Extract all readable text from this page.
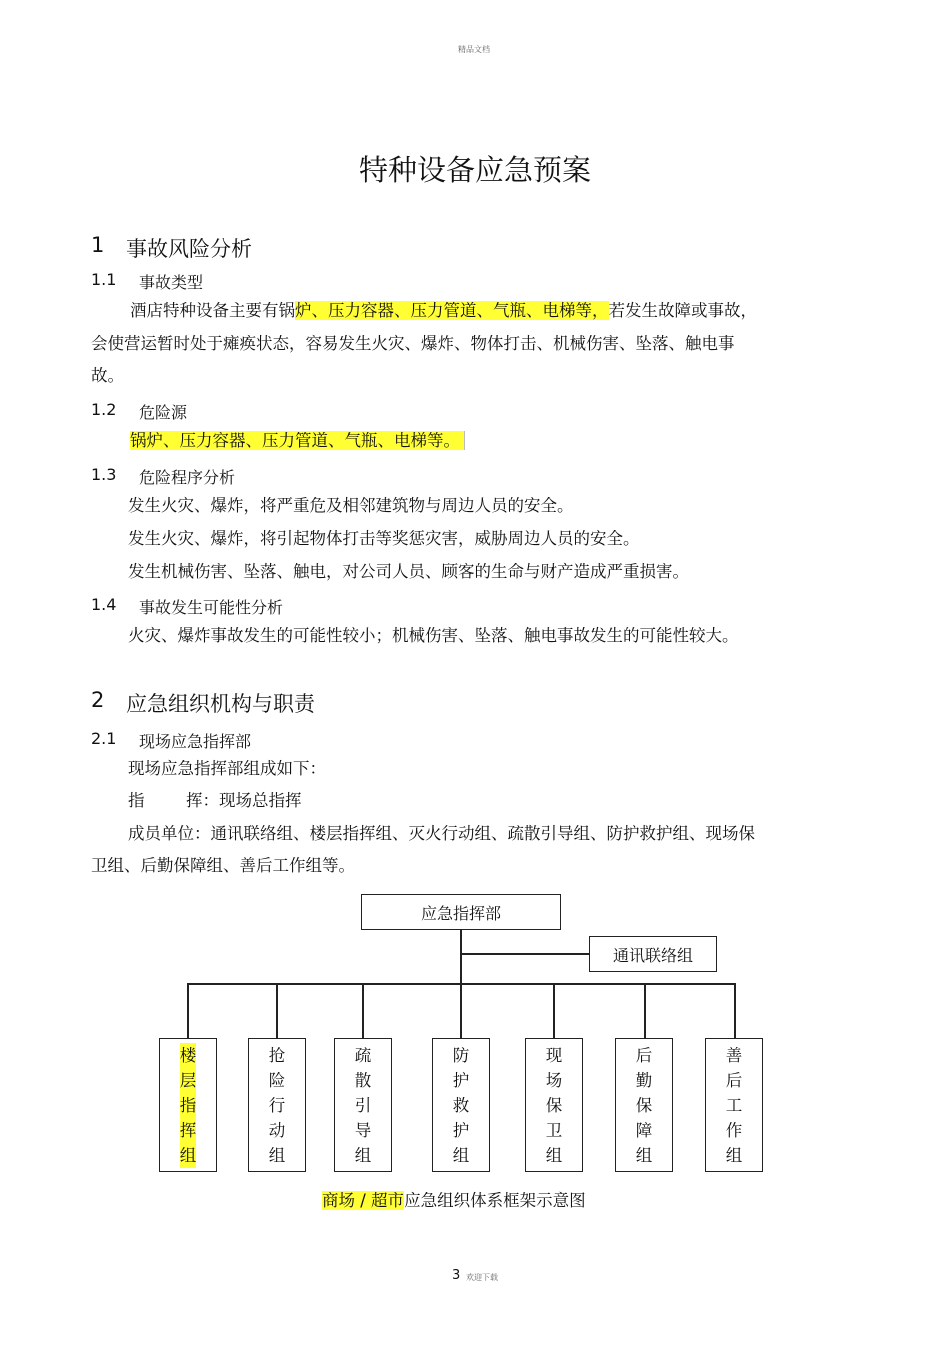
精品文档
特种设备应急预案
1 事故风险分析
1.1 事故类型
酒店特种设备主要有锅炉、压力容器、压力管道、气瓶、电梯等，若发生故障或事故，
会使营运暂时处于瘫痪状态，容易发生火灾、爆炸、物体打击、机械伤害、坠落、触电事
故。
1.2 危险源
锅炉、压力容器、压力管道、气瓶、电梯等。
1.3 危险程序分析
发生火灾、爆炸，将严重危及相邻建筑物与周边人员的安全。
发生火灾、爆炸，将引起物体打击等奖惩灾害，威胁周边人员的安全。
发生机械伤害、坠落、触电，对公司人员、顾客的生命与财产造成严重损害。
1.4 事故发生可能性分析
火灾、爆炸事故发生的可能性较小；机械伤害、坠落、触电事故发生的可能性较大。
2 应急组织机构与职责
2.1 现场应急指挥部
现场应急指挥部组成如下：
指	挥：现场总指挥
成员单位：通讯联络组、楼层指挥组、灭火行动组、疏散引导组、防护救护组、现场保
卫组、后勤保障组、善后工作组等。
应急指挥部
通讯联络组
楼
层
指
挥
组
抢
险
行
动
组
疏
散
引
导
组
防
护
救
护
组
现
场
保
卫
组
后
勤
保
障
组
善
后
工
作
组
商场 / 超市应急组织体系框架示意图
3 欢迎下载
